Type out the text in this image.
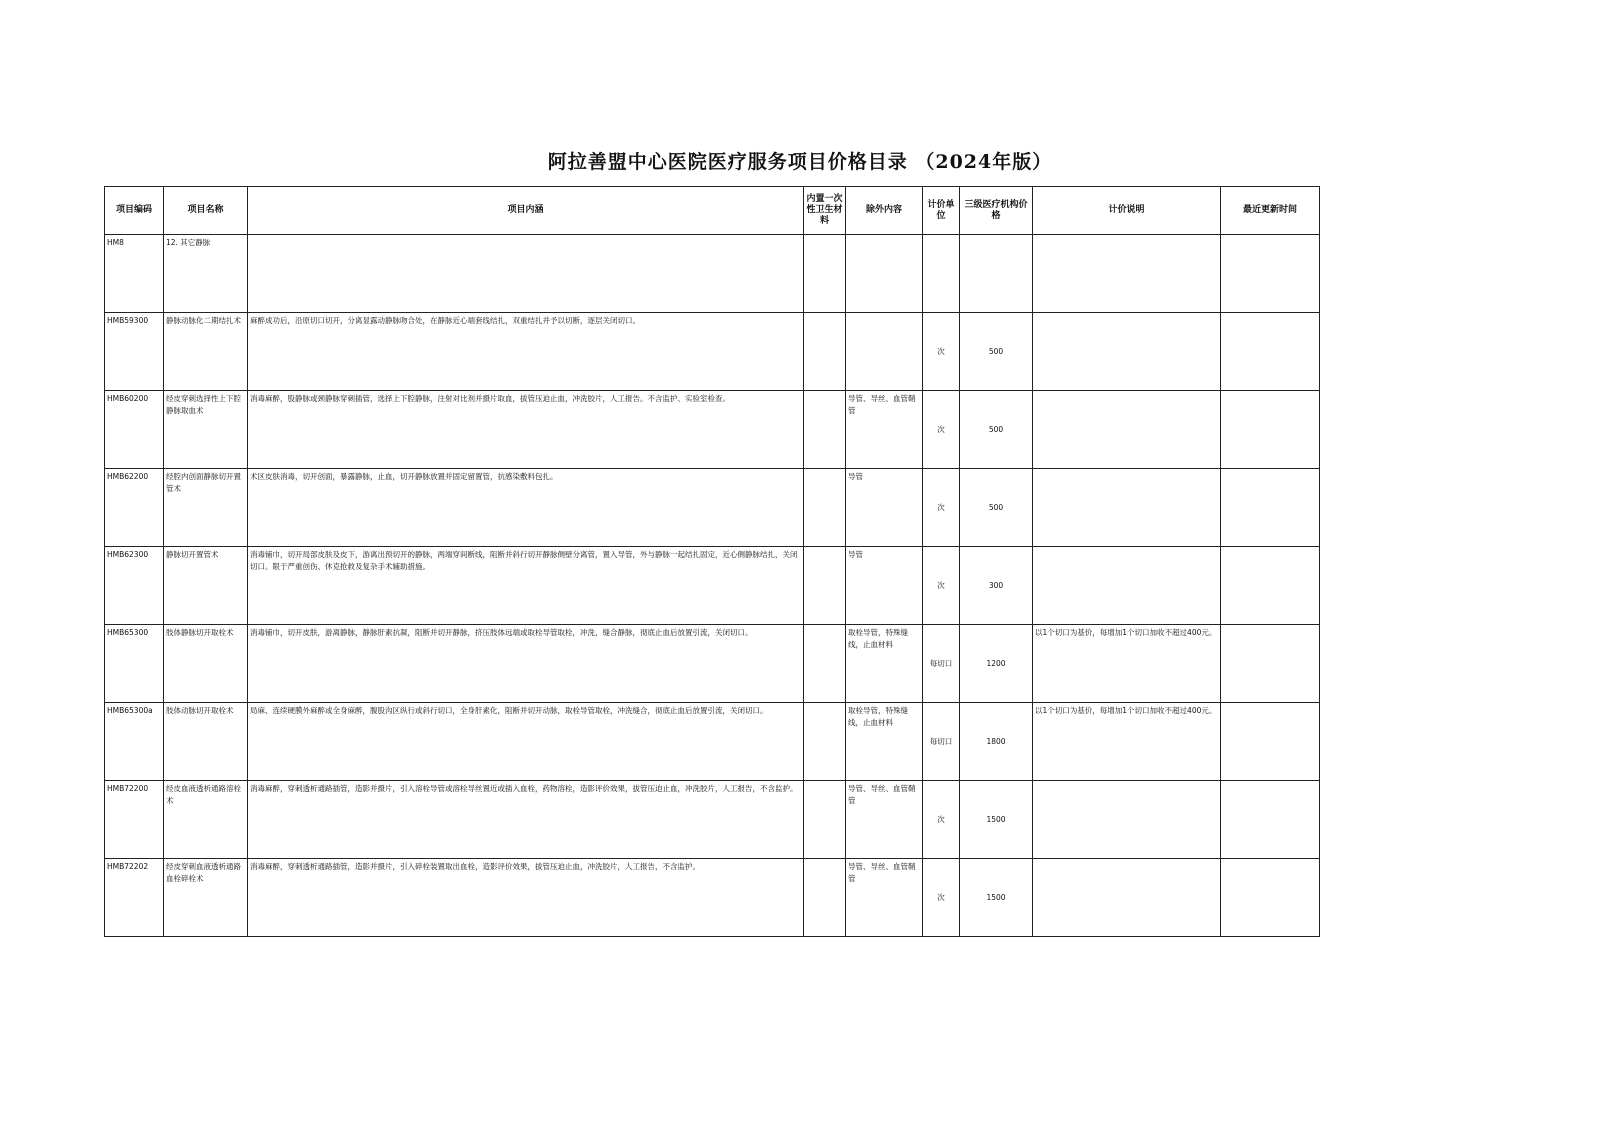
阿拉善盟中心医院医疗服务项目价格目录 （2024年版）
项目编码	项目名称	项目内涵	内置一次性卫生材料	除外内容	计价单位	三级医疗机构价格	计价说明	最近更新时间
HM8	12. 其它静脉							
HMB59300	静脉动脉化二期结扎术	麻醉成功后，沿原切口切开，分离显露动静脉吻合处，在静脉近心端套线结扎，双重结扎并予以切断，逐层关闭切口。			次	500		
HMB60200	经皮穿刺选择性上下腔静脉取血术	消毒麻醉，股静脉或颈静脉穿刺插管，选择上下腔静脉，注射对比剂并摄片取血，拔管压迫止血，冲洗胶片，人工报告。不含监护、实验室检查。		导管、导丝、血管鞘管	次	500		
HMB62200	经腔内创面静脉切开置管术	术区皮肤消毒，切开创面，暴露静脉，止血，切开静脉放置并固定留置管，抗感染敷料包扎。		导管	次	500		
HMB62300	静脉切开置管术	消毒铺巾，切开局部皮肤及皮下，游离出预切开的静脉，两端穿间断线，阻断并斜行切开静脉侧壁分离管，置入导管，外与静脉一起结扎固定，近心侧静脉结扎，关闭切口。限于严重创伤、休克抢救及复杂手术辅助措施。		导管	次	300		
HMB65300	肢体静脉切开取栓术	消毒铺巾，切开皮肤，游离静脉，静脉肝素抗凝，阻断并切开静脉，挤压肢体远端或取栓导管取栓，冲洗，缝合静脉，彻底止血后放置引流，关闭切口。		取栓导管，特殊缝线，止血材料	每切口	1200	以1个切口为基价，每增加1个切口加收不超过400元。	
HMB65300a	肢体动脉切开取栓术	局麻、连续硬膜外麻醉或全身麻醉，腹股沟区纵行或斜行切口，全身肝素化，阻断并切开动脉，取栓导管取栓，冲洗缝合，彻底止血后放置引流，关闭切口。		取栓导管，特殊缝线，止血材料	每切口	1800	以1个切口为基价，每增加1个切口加收不超过400元。	
HMB72200	经皮血液透析通路溶栓术	消毒麻醉，穿刺透析通路插管，造影并摄片，引入溶栓导管或溶栓导丝置近或插入血栓，药物溶栓，造影评价效果，拔管压迫止血，冲洗胶片，人工报告，不含监护。		导管、导丝、血管鞘管	次	1500		
HMB72202	经皮穿刺血液透析通路血栓碎栓术	消毒麻醉，穿刺透析通路插管，造影并摄片，引入碎栓装置取出血栓，造影评价效果，拔管压迫止血，冲洗胶片，人工报告，不含监护。		导管、导丝、血管鞘管	次	1500		
